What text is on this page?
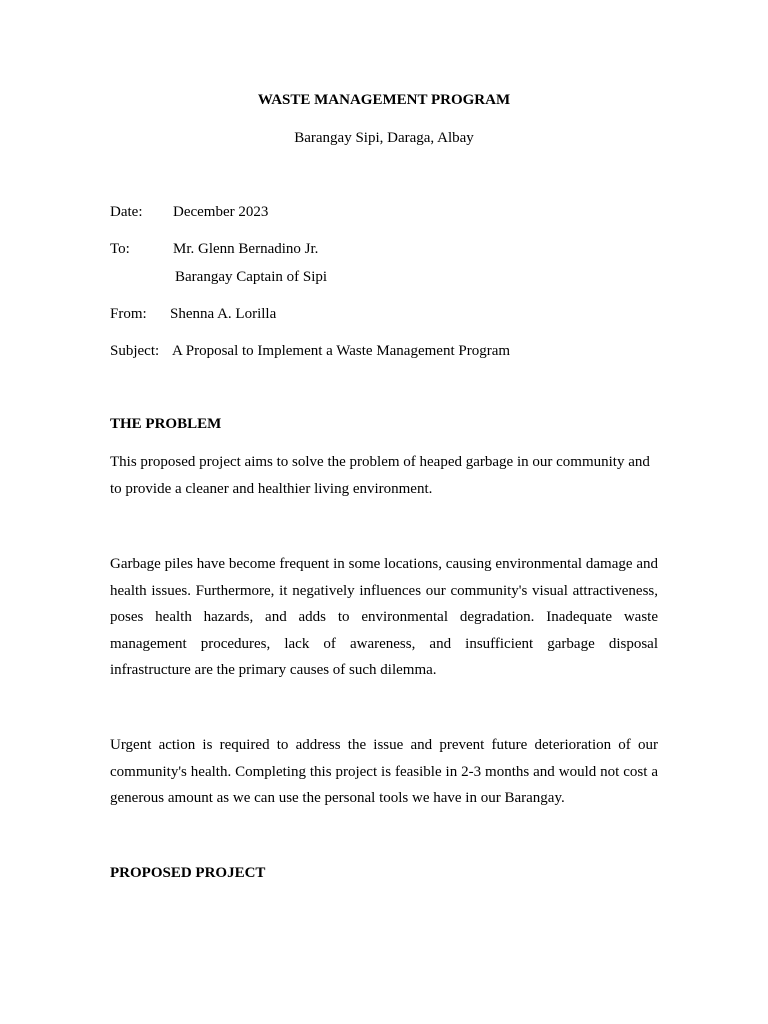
WASTE MANAGEMENT PROGRAM

Barangay Sipi, Daraga, Albay

Date: December 2023
To:	Mr. Glenn Bernadino Jr.
Barangay Captain of Sipi
From: Shenna A. Lorilla
Subject: A Proposal to Implement a Waste Management Program
THE PROBLEM

This proposed project aims to solve the problem of heaped garbage in our community and to provide a cleaner and healthier living environment.

Garbage piles have become frequent in some locations, causing environmental damage and health issues. Furthermore, it negatively influences our community's visual attractiveness, poses health hazards, and adds to environmental degradation. Inadequate waste management procedures, lack of awareness, and insufficient garbage disposal infrastructure are the primary causes of such dilemma.

Urgent action is required to address the issue and prevent future deterioration of our community's health. Completing this project is feasible in 2-3 months and would not cost a generous amount as we can use the personal tools we have in our Barangay.

PROPOSED PROJECT
